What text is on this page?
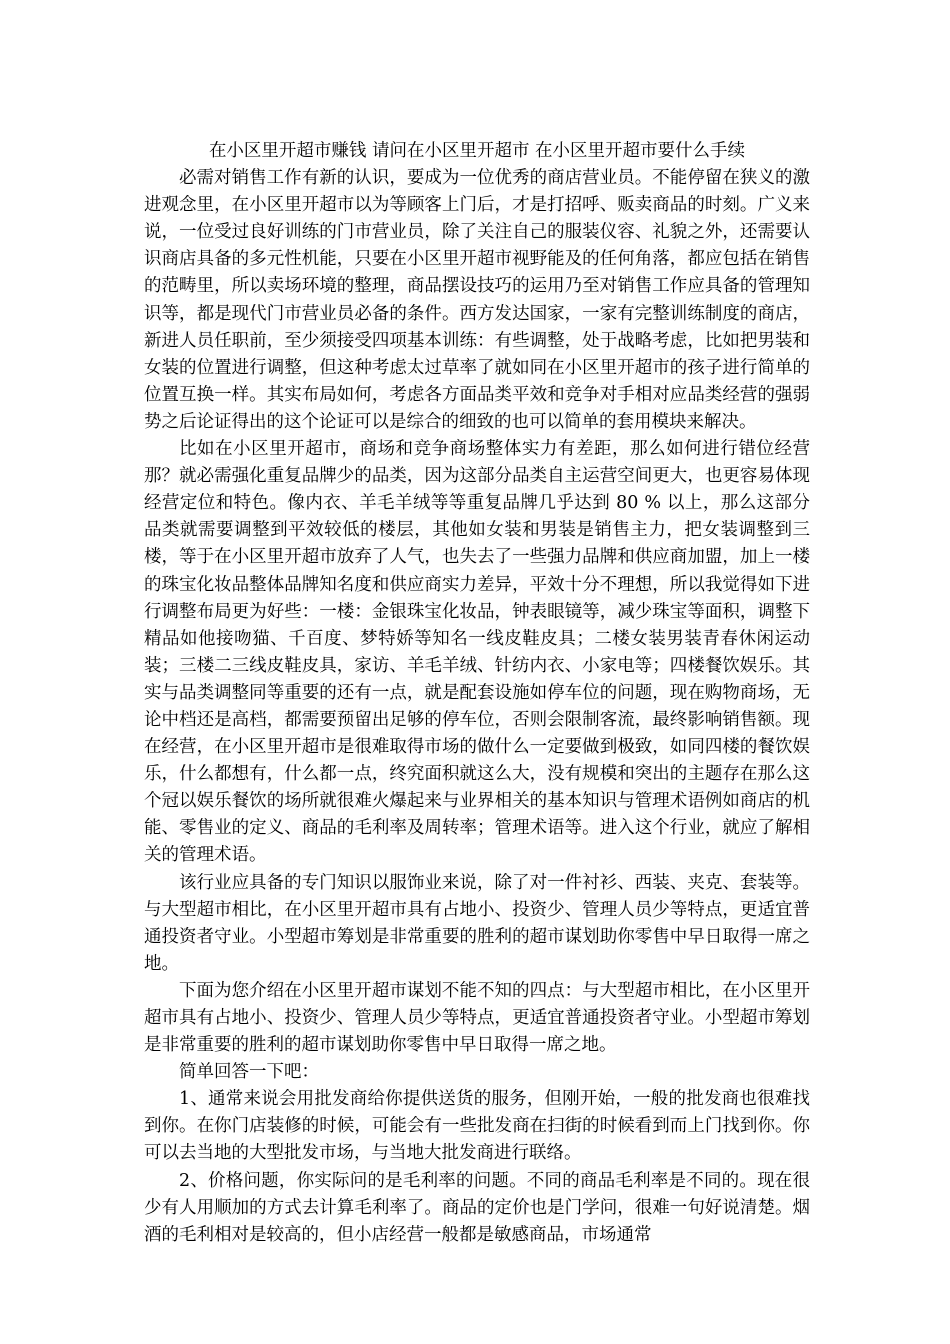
在小区里开超市赚钱 请问在小区里开超市 在小区里开超市要什么手续

必需对销售工作有新的认识，要成为一位优秀的商店营业员。不能停留在狭义的激进观念里，在小区里开超市以为等顾客上门后，才是打招呼、贩卖商品的时刻。广义来说，一位受过良好训练的门市营业员，除了关注自己的服装仪容、礼貌之外，还需要认识商店具备的多元性机能，只要在小区里开超市视野能及的任何角落，都应包括在销售的范畴里，所以卖场环境的整理，商品摆设技巧的运用乃至对销售工作应具备的管理知识等，都是现代门市营业员必备的条件。西方发达国家，一家有完整训练制度的商店，新进人员任职前，至少须接受四项基本训练：有些调整，处于战略考虑，比如把男装和女装的位置进行调整，但这种考虑太过草率了就如同在小区里开超市的孩子进行简单的位置互换一样。其实布局如何，考虑各方面品类平效和竞争对手相对应品类经营的强弱势之后论证得出的这个论证可以是综合的细致的也可以简单的套用模块来解决。

比如在小区里开超市，商场和竞争商场整体实力有差距，那么如何进行错位经营那？就必需强化重复品牌少的品类，因为这部分品类自主运营空间更大，也更容易体现经营定位和特色。像内衣、羊毛羊绒等等重复品牌几乎达到 80 % 以上，那么这部分品类就需要调整到平效较低的楼层，其他如女装和男装是销售主力，把女装调整到三楼，等于在小区里开超市放弃了人气，也失去了一些强力品牌和供应商加盟，加上一楼的珠宝化妆品整体品牌知名度和供应商实力差异，平效十分不理想，所以我觉得如下进行调整布局更为好些：一楼：金银珠宝化妆品，钟表眼镜等，减少珠宝等面积，调整下精品如他接吻猫、千百度、梦特娇等知名一线皮鞋皮具；二楼女装男装青春休闲运动装；三楼二三线皮鞋皮具，家访、羊毛羊绒、针纺内衣、小家电等；四楼餐饮娱乐。其实与品类调整同等重要的还有一点，就是配套设施如停车位的问题，现在购物商场，无论中档还是高档，都需要预留出足够的停车位，否则会限制客流，最终影响销售额。现在经营，在小区里开超市是很难取得市场的做什么一定要做到极致，如同四楼的餐饮娱乐，什么都想有，什么都一点，终究面积就这么大，没有规模和突出的主题存在那么这个冠以娱乐餐饮的场所就很难火爆起来与业界相关的基本知识与管理术语例如商店的机能、零售业的定义、商品的毛利率及周转率；管理术语等。进入这个行业，就应了解相关的管理术语。

该行业应具备的专门知识以服饰业来说，除了对一件衬衫、西装、夹克、套装等。与大型超市相比，在小区里开超市具有占地小、投资少、管理人员少等特点，更适宜普通投资者守业。小型超市筹划是非常重要的胜利的超市谋划助你零售中早日取得一席之地。

下面为您介绍在小区里开超市谋划不能不知的四点：与大型超市相比，在小区里开超市具有占地小、投资少、管理人员少等特点，更适宜普通投资者守业。小型超市筹划是非常重要的胜利的超市谋划助你零售中早日取得一席之地。

简单回答一下吧：

1、通常来说会用批发商给你提供送货的服务，但刚开始，一般的批发商也很难找到你。在你门店装修的时候，可能会有一些批发商在扫街的时候看到而上门找到你。你可以去当地的大型批发市场，与当地大批发商进行联络。

2、价格问题，你实际问的是毛利率的问题。不同的商品毛利率是不同的。现在很少有人用顺加的方式去计算毛利率了。商品的定价也是门学问，很难一句好说清楚。烟酒的毛利相对是较高的，但小店经营一般都是敏感商品，市场通常
